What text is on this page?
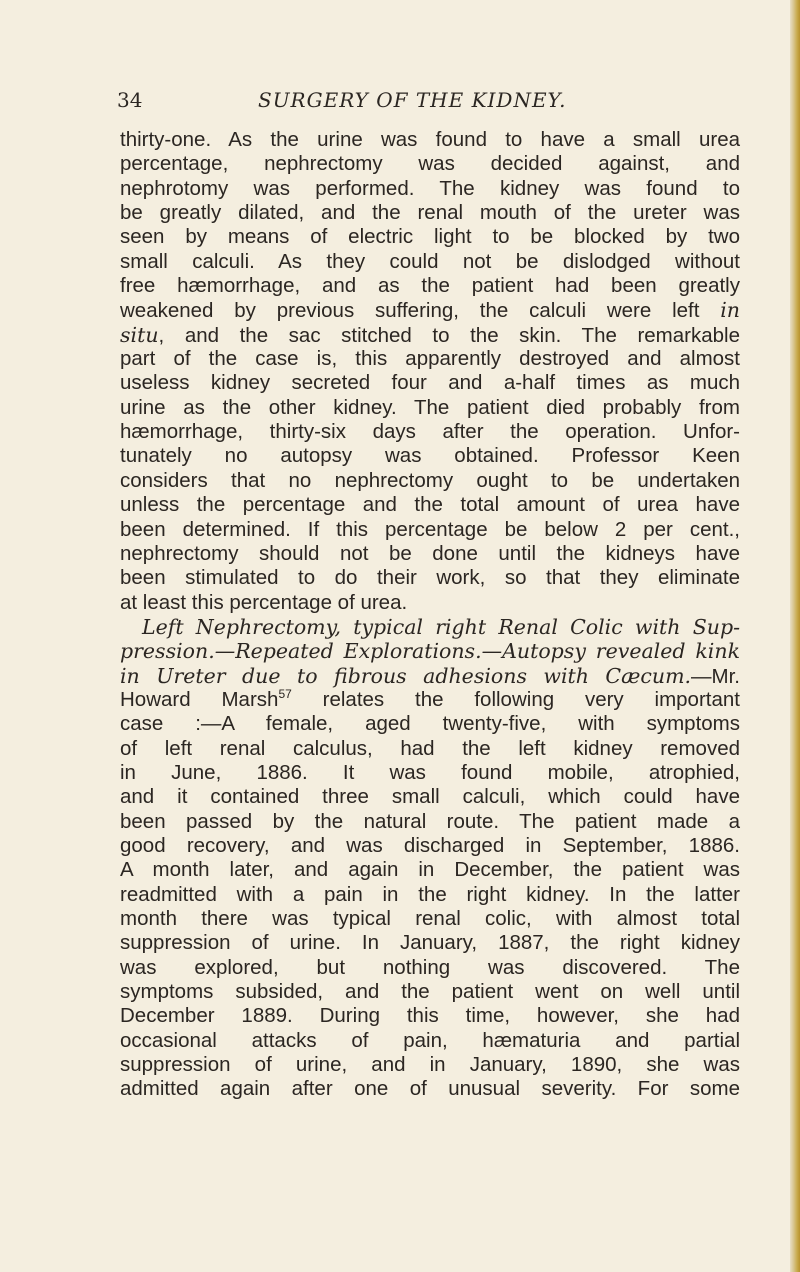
34	SURGERY OF THE KIDNEY.
thirty-one. As the urine was found to have a small urea
percentage, nephrectomy was decided against, and
nephrotomy was performed. The kidney was found to
be greatly dilated, and the renal mouth of the ureter was
seen by means of electric light to be blocked by two
small calculi. As they could not be dislodged without
free hæmorrhage, and as the patient had been greatly
weakened by previous suffering, the calculi were left in
situ, and the sac stitched to the skin. The remarkable
part of the case is, this apparently destroyed and almost
useless kidney secreted four and a-half times as much
urine as the other kidney. The patient died probably from
hæmorrhage, thirty-six days after the operation. Unfor-
tunately no autopsy was obtained. Professor Keen
considers that no nephrectomy ought to be undertaken
unless the percentage and the total amount of urea have
been determined. If this percentage be below 2 per cent.,
nephrectomy should not be done until the kidneys have
been stimulated to do their work, so that they eliminate
at least this percentage of urea.
Left Nephrectomy, typical right Renal Colic with Sup-
pression.—Repeated Explorations.—Autopsy revealed kink
in Ureter due to fibrous adhesions with Cæcum.—Mr.
Howard Marsh$^{57}$ relates the following very important
case :—A female, aged twenty-five, with symptoms
of left renal calculus, had the left kidney removed
in June, 1886. It was found mobile, atrophied,
and it contained three small calculi, which could have
been passed by the natural route. The patient made a
good recovery, and was discharged in September, 1886.
A month later, and again in December, the patient was
readmitted with a pain in the right kidney. In the latter
month there was typical renal colic, with almost total
suppression of urine. In January, 1887, the right kidney
was explored, but nothing was discovered. The
symptoms subsided, and the patient went on well until
December 1889. During this time, however, she had
occasional attacks of pain, hæmaturia and partial
suppression of urine, and in January, 1890, she was
admitted again after one of unusual severity. For some
